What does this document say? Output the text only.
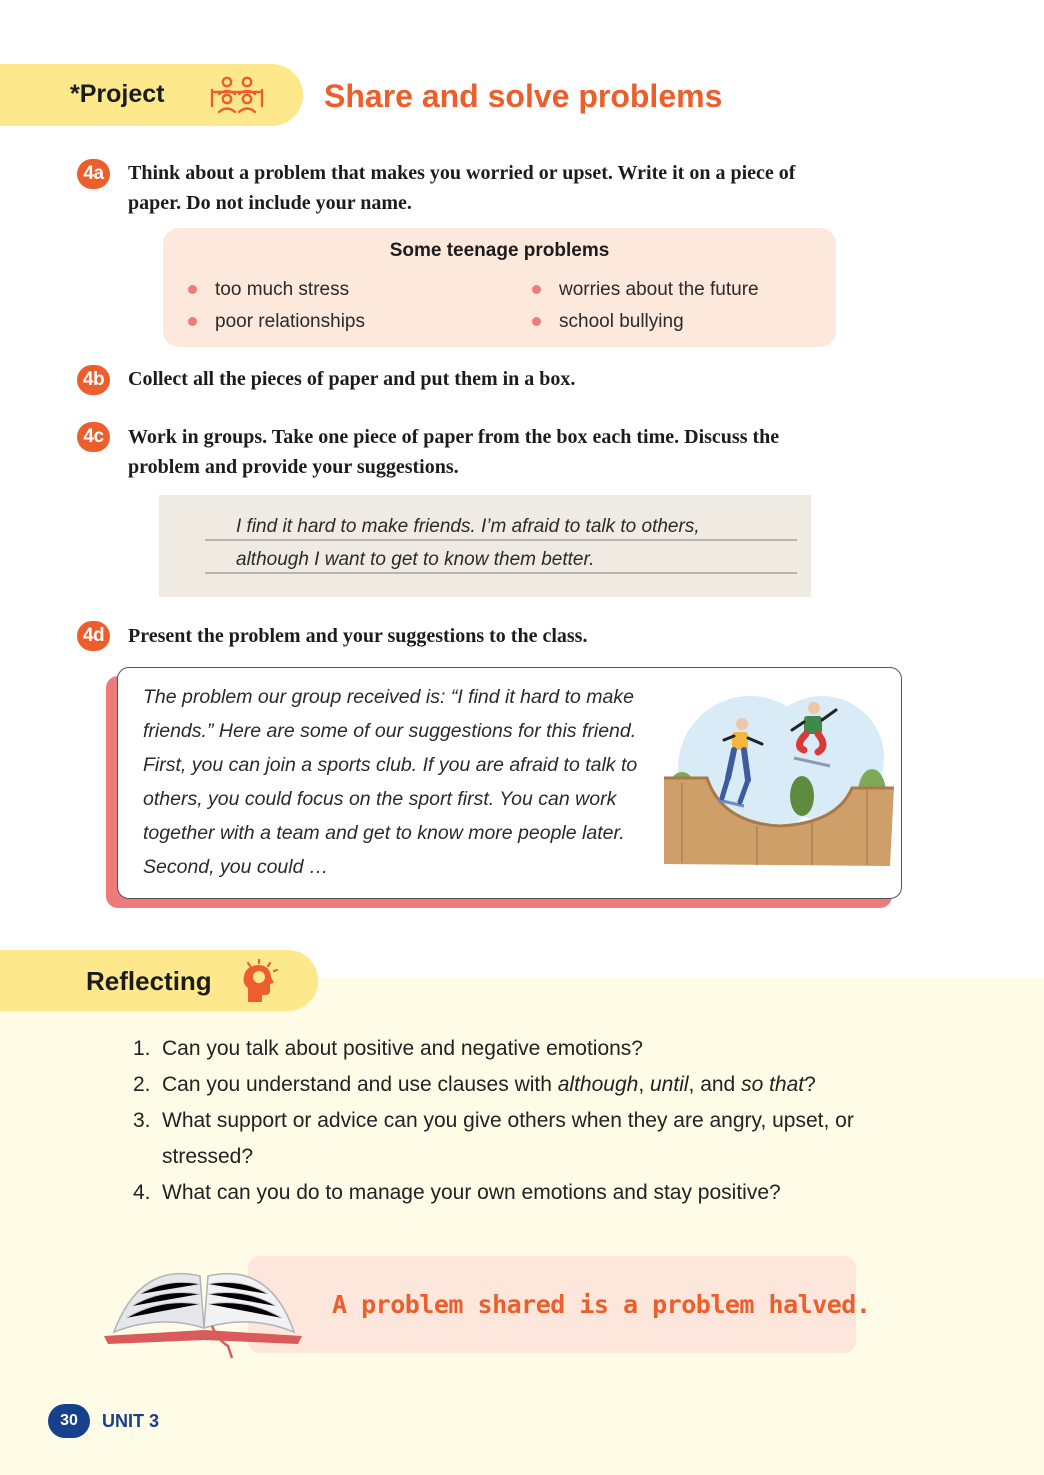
*Project	Share and solve problems
4a	Think about a problem that makes you worried or upset. Write it on a piece of
paper. Do not include your name.
Some teenage problems
too much stress
poor relationships
worries about the future
school bullying
4b Collect all the pieces of paper and put them in a box.
4c	Work in groups. Take one piece of paper from the box each time. Discuss the
problem and provide your suggestions.
I find it hard to make friends. I’m afraid to talk to others,
although I want to get to know them better.
4d Present the problem and your suggestions to the class.
The problem our group received is: “I find it hard to make
friends.” Here are some of our suggestions for this friend.
First, you can join a sports club. If you are afraid to talk to
others, you could focus on the sport first. You can work
together with a team and get to know more people later.
Second, you could …
Reflecting
1. Can you talk about positive and negative emotions?
2. Can you understand and use clauses with although, until, and so that?
3. What support or advice can you give others when they are angry, upset, or
stressed?
4. What can you do to manage your own emotions and stay positive?
A problem shared is a problem halved.
30	UNIT 3
